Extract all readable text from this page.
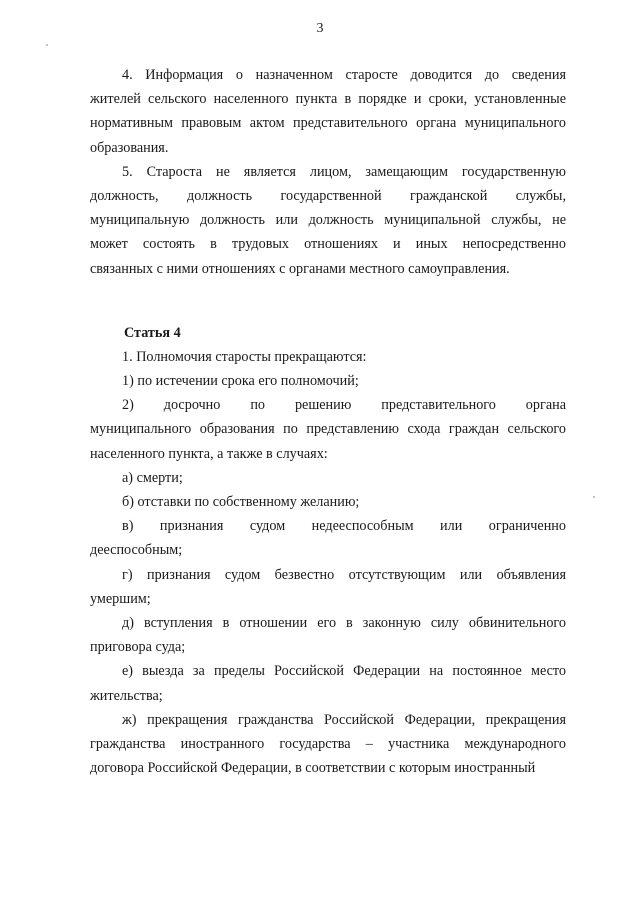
3
4. Информация о назначенном старосте доводится до сведения
жителей сельского населенного пункта в порядке и сроки, установленные
нормативным правовым актом представительного органа муниципального
образования.
5. Староста не является лицом, замещающим государственную
должность, должность государственной гражданской службы,
муниципальную должность или должность муниципальной службы, не
может состоять в трудовых отношениях и иных непосредственно
связанных с ними отношениях с органами местного самоуправления.
Статья 4
1. Полномочия старосты прекращаются:
1) по истечении срока его полномочий;
2) досрочно по решению представительного органа
муниципального образования по представлению схода граждан сельского
населенного пункта, а также в случаях:
а) смерти;
б) отставки по собственному желанию;
в) признания судом недееспособным или ограниченно
дееспособным;
г) признания судом безвестно отсутствующим или объявления
умершим;
д) вступления в отношении его в законную силу обвинительного
приговора суда;
е) выезда за пределы Российской Федерации на постоянное место
жительства;
ж) прекращения гражданства Российской Федерации, прекращения
гражданства иностранного государства – участника международного
договора Российской Федерации, в соответствии с которым иностранный
